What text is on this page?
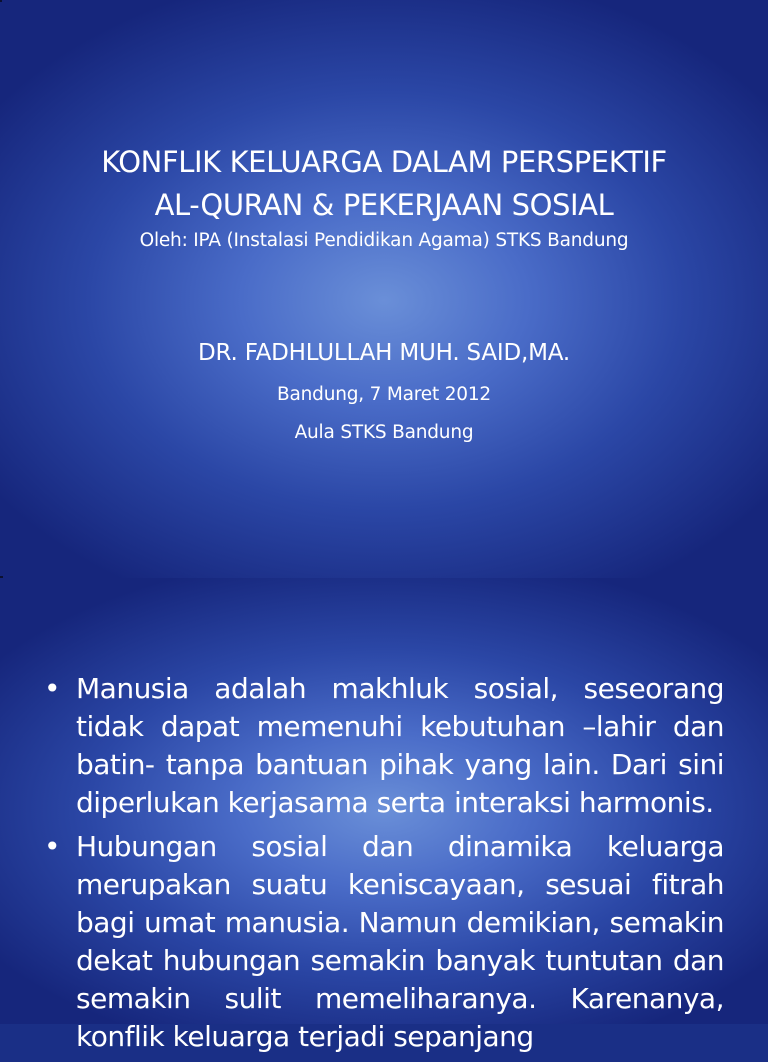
KONFLIK KELUARGA DALAM PERSPEKTIF
AL-QURAN & PEKERJAAN SOSIAL
Oleh: IPA (Instalasi Pendidikan Agama) STKS Bandung
DR. FADHLULLAH MUH. SAID,MA.
Bandung, 7 Maret 2012
Aula STKS Bandung
• Manusia adalah makhluk sosial, seseorang tidak dapat memenuhi kebutuhan –lahir dan batin- tanpa bantuan pihak yang lain. Dari sini diperlukan kerjasama serta interaksi harmonis.
• Hubungan sosial dan dinamika keluarga merupakan suatu keniscayaan, sesuai fitrah bagi umat manusia. Namun demikian, semakin dekat hubungan semakin banyak tuntutan dan semakin sulit memeliharanya. Karenanya, konflik keluarga terjadi sepanjang
